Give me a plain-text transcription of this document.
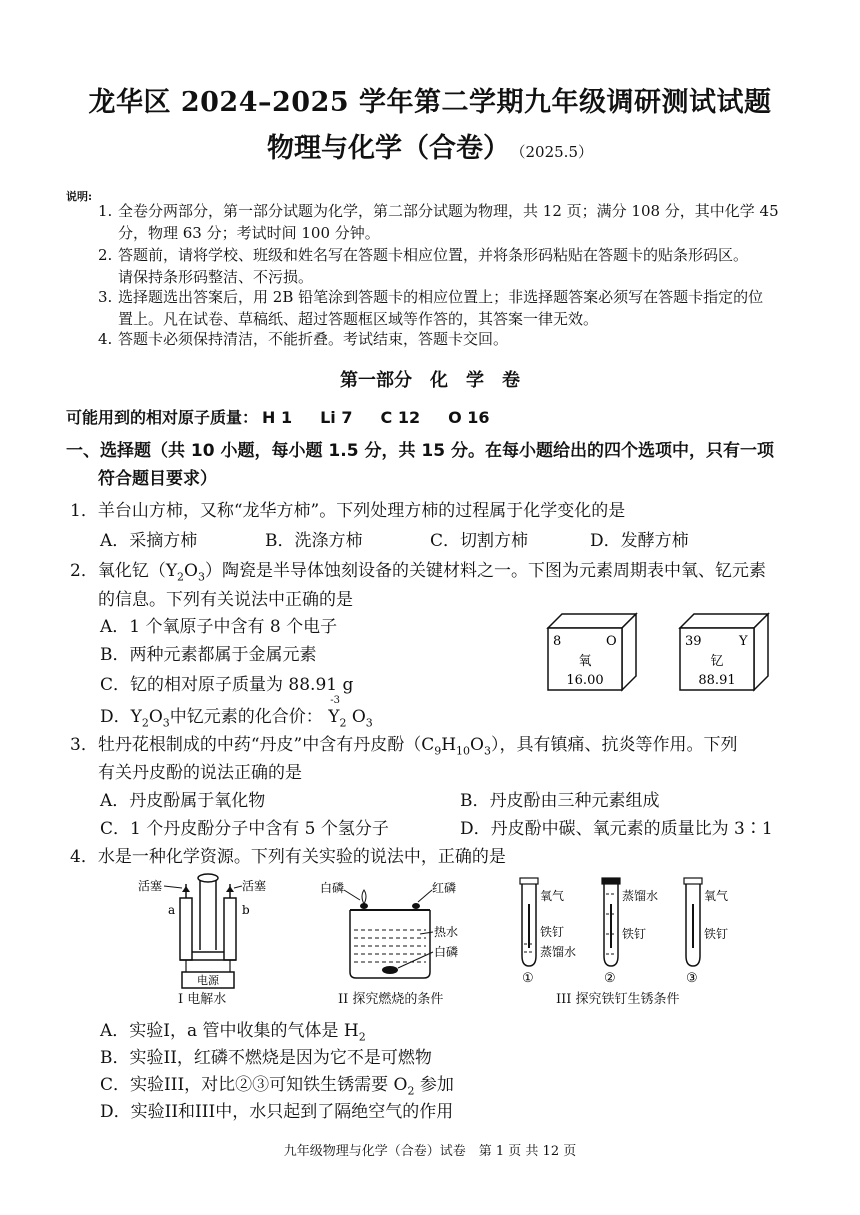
龙华区 2024–2025 学年第二学期九年级调研测试试题
物理与化学（合卷） （2025.5）
说明:
1. 全卷分两部分，第一部分试题为化学，第二部分试题为物理，共 12 页；满分 108 分，其中化学 45
分，物理 63 分；考试时间 100 分钟。
2. 答题前，请将学校、班级和姓名写在答题卡相应位置，并将条形码粘贴在答题卡的贴条形码区。
请保持条形码整洁、不污损。
3. 选择题选出答案后，用 2B 铅笔涂到答题卡的相应位置上；非选择题答案必须写在答题卡指定的位
置上。凡在试卷、草稿纸、超过答题框区域等作答的，其答案一律无效。
4. 答题卡必须保持清洁，不能折叠。考试结束，答题卡交回。
第一部分　化　学　卷
可能用到的相对原子质量： H 1 Li 7 C 12 O 16
一、选择题（共 10 小题，每小题 1.5 分，共 15 分。在每小题给出的四个选项中，只有一项
符合题目要求）
1．羊台山方柿，又称“龙华方柿”。下列处理方柿的过程属于化学变化的是
A．采摘方柿	B．洗涤方柿	C．切割方柿	D．发酵方柿
2．氧化钇$(Y_2O_3)$陶瓷是半导体蚀刻设备的关键材料之一。下图为元素周期表中氧、钇元素
的信息。下列有关说法中正确的是
A．1 个氧原子中含有 8 个电子
B．两种元素都属于金属元素
C．钇的相对原子质量为 88.91 g
D．$Y_2O_3$中钇元素的化合价：
-3
$Y_2$ $O_3$
8	O
氧
16.00
39	Y
钇
88.91
3．牡丹花根制成的中药“丹皮”中含有丹皮酚$(C_9H_{10}O_3)$，具有镇痛、抗炎等作用。下列
有关丹皮酚的说法正确的是
A．丹皮酚属于氧化物	B．丹皮酚由三种元素组成
C．1 个丹皮酚分子中含有 5 个氢分子	D．丹皮酚中碳、氧元素的质量比为 3∶1
4．水是一种化学资源。下列有关实验的说法中，正确的是
电源
活塞	活塞
a	b
I 电解水
白磷	红磷
热水
白磷
II 探究燃烧的条件
氧气
铁钉
蒸馏水
①
蒸馏水
铁钉
②
氧气
铁钉
③
III 探究铁钉生锈条件
A．实验I，a 管中收集的气体是 $H_2$
B．实验II，红磷不燃烧是因为它不是可燃物
C．实验III，对比②③可知铁生锈需要 $O_2$ 参加
D．实验II和III中，水只起到了隔绝空气的作用
九年级物理与化学（合卷）试卷　第 1 页 共 12 页
